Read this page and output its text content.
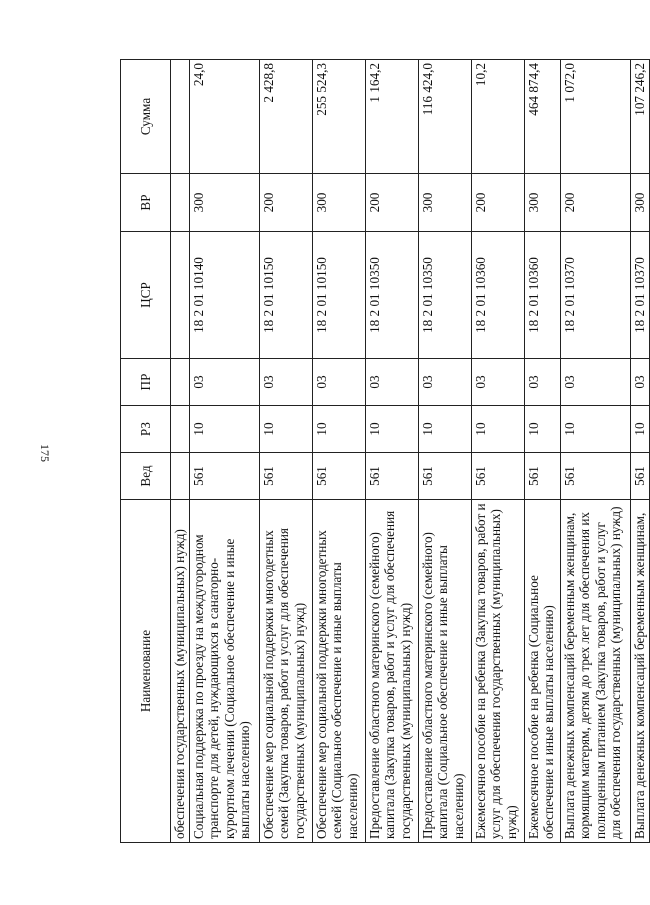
175
Наименование	Вед	РЗ	ПР	ЦСР	ВР	Сумма
обеспечения государственных (муниципальных) нужд)						
Социальная поддержка по проезду на междугородном транспорте для детей, нуждающихся в санаторно-курортном лечении (Социальное обеспечение и иные выплаты населению)	561	10	03	18 2 01 10140	300	24,0
Обеспечение мер социальной поддержки многодетных семей (Закупка товаров, работ и услуг для обеспечения государственных (муниципальных) нужд)	561	10	03	18 2 01 10150	200	2 428,8
Обеспечение мер социальной поддержки многодетных семей (Социальное обеспечение и иные выплаты населению)	561	10	03	18 2 01 10150	300	255 524,3
Предоставление областного материнского (семейного) капитала (Закупка товаров, работ и услуг для обеспечения государственных (муниципальных) нужд)	561	10	03	18 2 01 10350	200	1 164,2
Предоставление областного материнского (семейного) капитала (Социальное обеспечение и иные выплаты населению)	561	10	03	18 2 01 10350	300	116 424,0
Ежемесячное пособие на ребенка (Закупка товаров, работ и услуг для обеспечения государственных (муниципальных) нужд)	561	10	03	18 2 01 10360	200	10,2
Ежемесячное пособие на ребенка (Социальное обеспечение и иные выплаты населению)	561	10	03	18 2 01 10360	300	464 874,4
Выплата денежных компенсаций беременным женщинам, кормящим матерям, детям до трех лет для обеспечения их полноценным питанием (Закупка товаров, работ и услуг для обеспечения государственных (муниципальных) нужд)	561	10	03	18 2 01 10370	200	1 072,0
Выплата денежных компенсаций беременным женщинам,	561	10	03	18 2 01 10370	300	107 246,2
